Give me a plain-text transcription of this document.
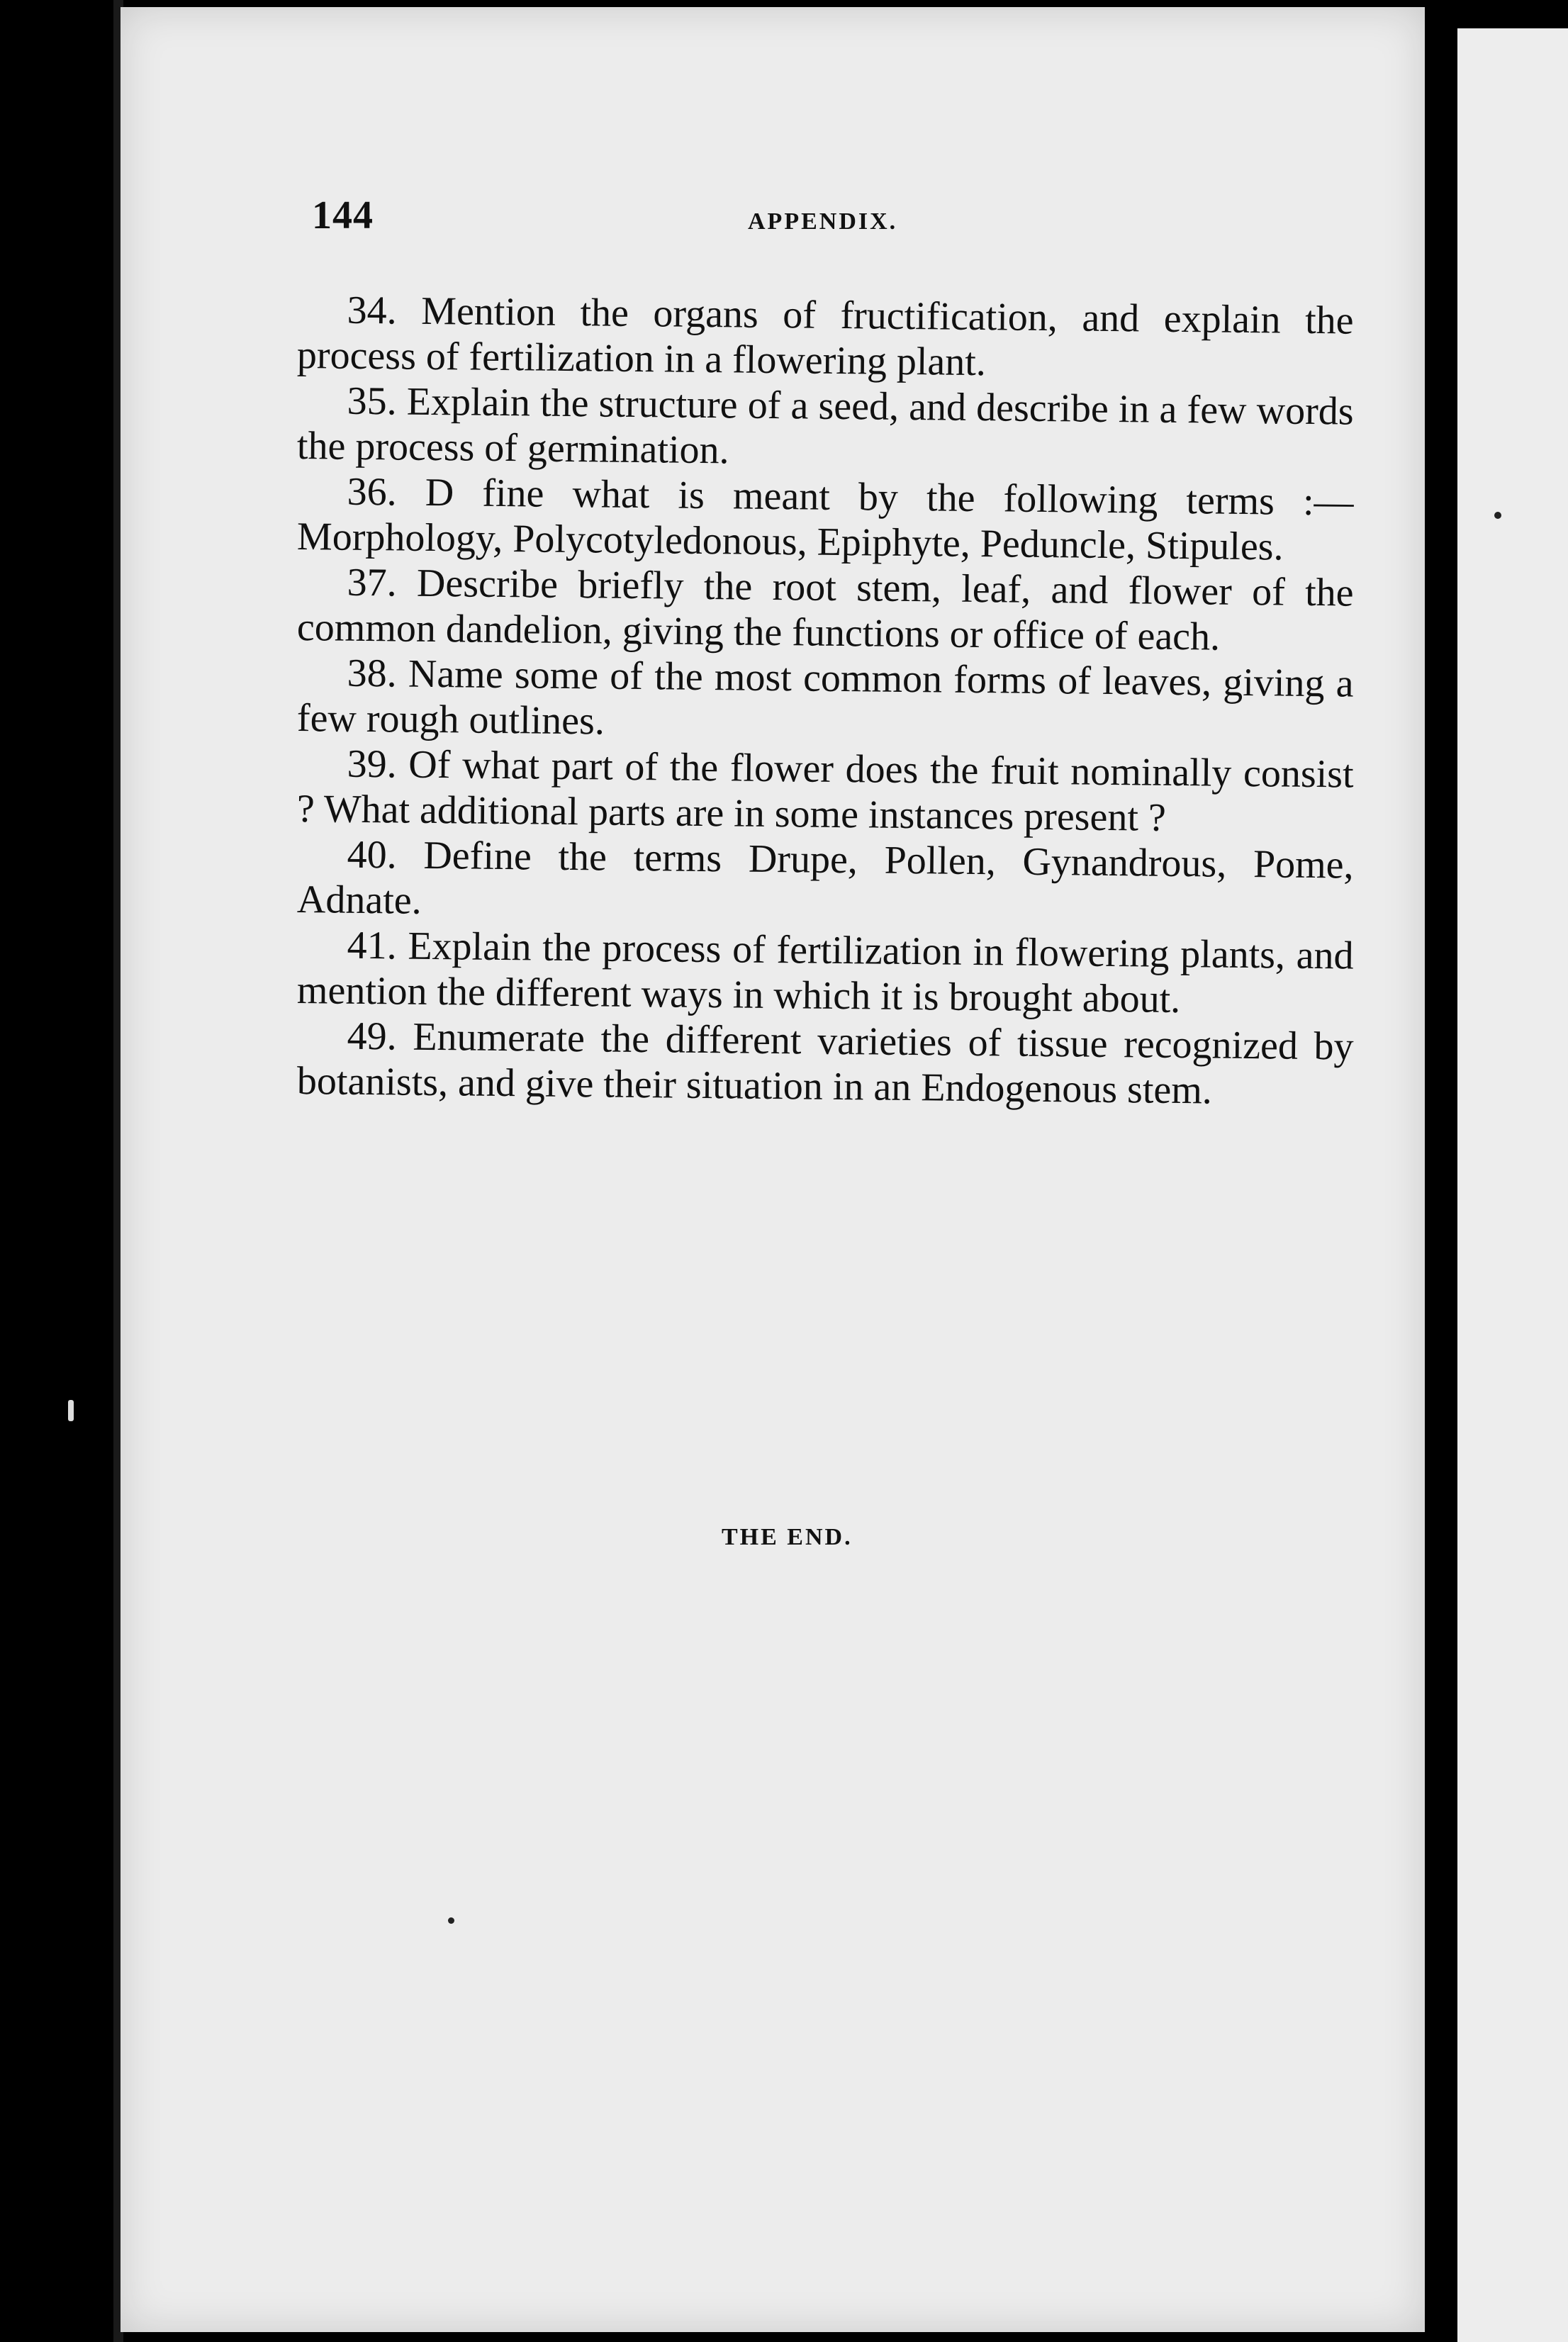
144	APPENDIX.
34. Mention the organs of fructification, and explain the process of fertilization in a flowering plant.
35. Explain the structure of a seed, and describe in a few words the process of germination.
36. D fine what is meant by the following terms :— Morphology, Polycotyledonous, Epiphyte, Peduncle, Stipules.
37. Describe briefly the root stem, leaf, and flower of the common dandelion, giving the functions or office of each.
38. Name some of the most common forms of leaves, giving a few rough outlines.
39. Of what part of the flower does the fruit nominally consist ? What additional parts are in some instances present ?
40. Define the terms Drupe, Pollen, Gynandrous, Pome, Adnate.
41. Explain the process of fertilization in flowering plants, and mention the different ways in which it is brought about.
49. Enumerate the different varieties of tissue recognized by botanists, and give their situation in an Endogenous stem.
THE END.
